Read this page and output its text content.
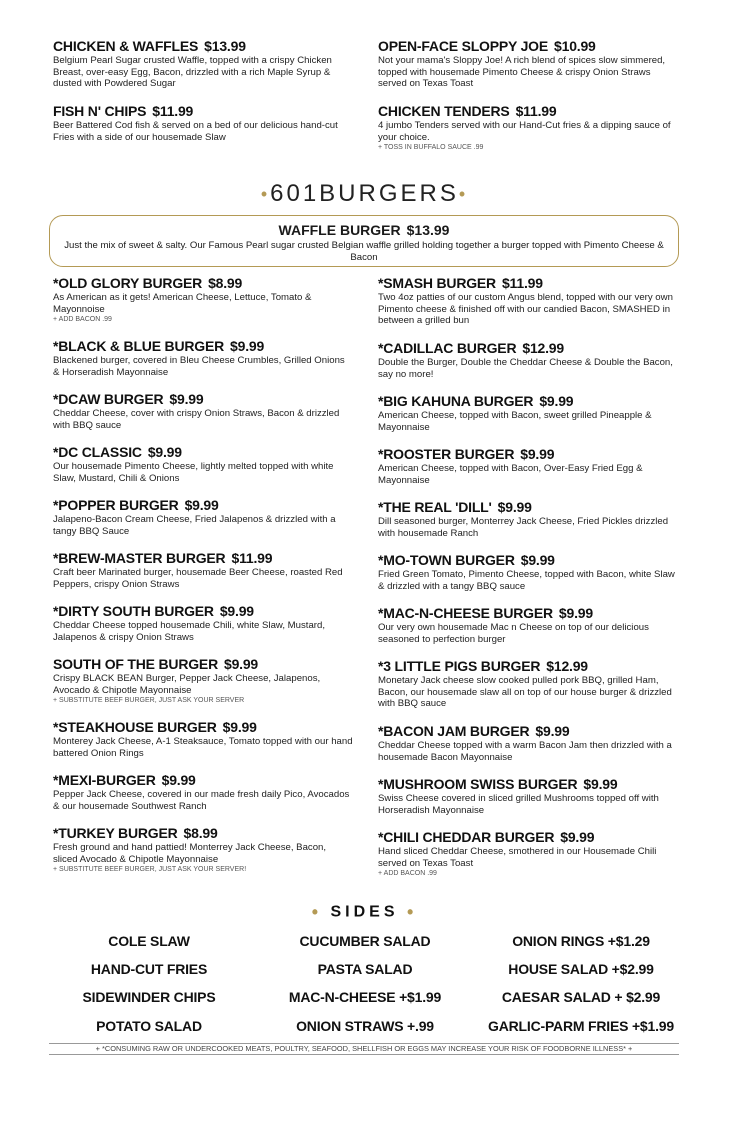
CHICKEN & WAFFLES $13.99
Belgium Pearl Sugar crusted Waffle, topped with a crispy Chicken Breast, over-easy Egg, Bacon, drizzled with a rich Maple Syrup & dusted with Powdered Sugar
FISH N' CHIPS $11.99
Beer Battered Cod fish & served on a bed of our delicious hand-cut Fries with a side of our housemade Slaw
OPEN-FACE SLOPPY JOE $10.99
Not your mama's Sloppy Joe! A rich blend of spices slow simmered, topped with housemade Pimento Cheese & crispy Onion Straws served on Texas Toast
CHICKEN TENDERS $11.99
4 jumbo Tenders served with our Hand-Cut fries & a dipping sauce of your choice.
+ TOSS IN BUFFALO SAUCE .99
•601BURGERS•
WAFFLE BURGER $13.99
Just the mix of sweet & salty. Our Famous Pearl sugar crusted Belgian waffle grilled holding together a burger topped with Pimento Cheese & Bacon
*OLD GLORY BURGER $8.99
As American as it gets! American Cheese, Lettuce, Tomato & Mayonnoise
+ ADD BACON .99
*BLACK & BLUE BURGER $9.99
Blackened burger, covered in Bleu Cheese Crumbles, Grilled Onions & Horseradish Mayonnaise
*DCAW BURGER $9.99
Cheddar Cheese, cover with crispy Onion Straws, Bacon & drizzled with BBQ sauce
*DC CLASSIC $9.99
Our housemade Pimento Cheese, lightly melted topped with white Slaw, Mustard, Chili & Onions
*POPPER BURGER $9.99
Jalapeno-Bacon Cream Cheese, Fried Jalapenos & drizzled with a tangy BBQ Sauce
*BREW-MASTER BURGER $11.99
Craft beer Marinated burger, housemade Beer Cheese, roasted Red Peppers, crispy Onion Straws
*DIRTY SOUTH BURGER $9.99
Cheddar Cheese topped housemade Chili, white Slaw, Mustard, Jalapenos & crispy Onion Straws
SOUTH OF THE BURGER $9.99
Crispy BLACK BEAN Burger, Pepper Jack Cheese, Jalapenos, Avocado & Chipotle Mayonnaise
+ SUBSTITUTE BEEF BURGER, JUST ASK YOUR SERVER
*STEAKHOUSE BURGER $9.99
Monterey Jack Cheese, A-1 Steaksauce, Tomato topped with our hand battered Onion Rings
*MEXI-BURGER $9.99
Pepper Jack Cheese, covered in our made fresh daily Pico, Avocados & our housemade Southwest Ranch
*TURKEY BURGER $8.99
Fresh ground and hand pattied! Monterrey Jack Cheese, Bacon, sliced Avocado & Chipotle Mayonnaise
+ SUBSTITUTE BEEF BURGER, JUST ASK YOUR SERVER!
*SMASH BURGER $11.99
Two 4oz patties of our custom Angus blend, topped with our very own Pimento cheese & finished off with our candied Bacon, SMASHED in between a grilled bun
*CADILLAC BURGER $12.99
Double the Burger, Double the Cheddar Cheese & Double the Bacon, say no more!
*BIG KAHUNA BURGER $9.99
American Cheese, topped with Bacon, sweet grilled Pineapple & Mayonnaise
*ROOSTER BURGER $9.99
American Cheese, topped with Bacon, Over-Easy Fried Egg & Mayonnaise
*THE REAL 'DILL' $9.99
Dill seasoned burger, Monterrey Jack Cheese, Fried Pickles drizzled with housemade Ranch
*MO-TOWN BURGER $9.99
Fried Green Tomato, Pimento Cheese, topped with Bacon, white Slaw & drizzled with a tangy BBQ sauce
*MAC-N-CHEESE BURGER $9.99
Our very own housemade Mac n Cheese on top of our delicious seasoned to perfection burger
*3 LITTLE PIGS BURGER $12.99
Monetary Jack cheese slow cooked pulled pork BBQ, grilled Ham, Bacon, our housemade slaw all on top of our house burger & drizzled with BBQ sauce
*BACON JAM BURGER $9.99
Cheddar Cheese topped with a warm Bacon Jam then drizzled with a housemade Bacon Mayonnaise
*MUSHROOM SWISS BURGER $9.99
Swiss Cheese covered in sliced grilled Mushrooms topped off with Horseradish Mayonnaise
*CHILI CHEDDAR BURGER $9.99
Hand sliced Cheddar Cheese, smothered in our Housemade Chili served on Texas Toast
+ ADD BACON .99
• SIDES •
COLE SLAW
HAND-CUT FRIES
SIDEWINDER CHIPS
POTATO SALAD
CUCUMBER SALAD
PASTA SALAD
MAC-N-CHEESE +$1.99
ONION STRAWS +.99
ONION RINGS +$1.29
HOUSE SALAD +$2.99
CAESAR SALAD + $2.99
GARLIC-PARM FRIES +$1.99
+ *CONSUMING RAW OR UNDERCOOKED MEATS, POULTRY, SEAFOOD, SHELLFISH OR EGGS MAY INCREASE YOUR RISK OF FOODBORNE ILLNESS* +
